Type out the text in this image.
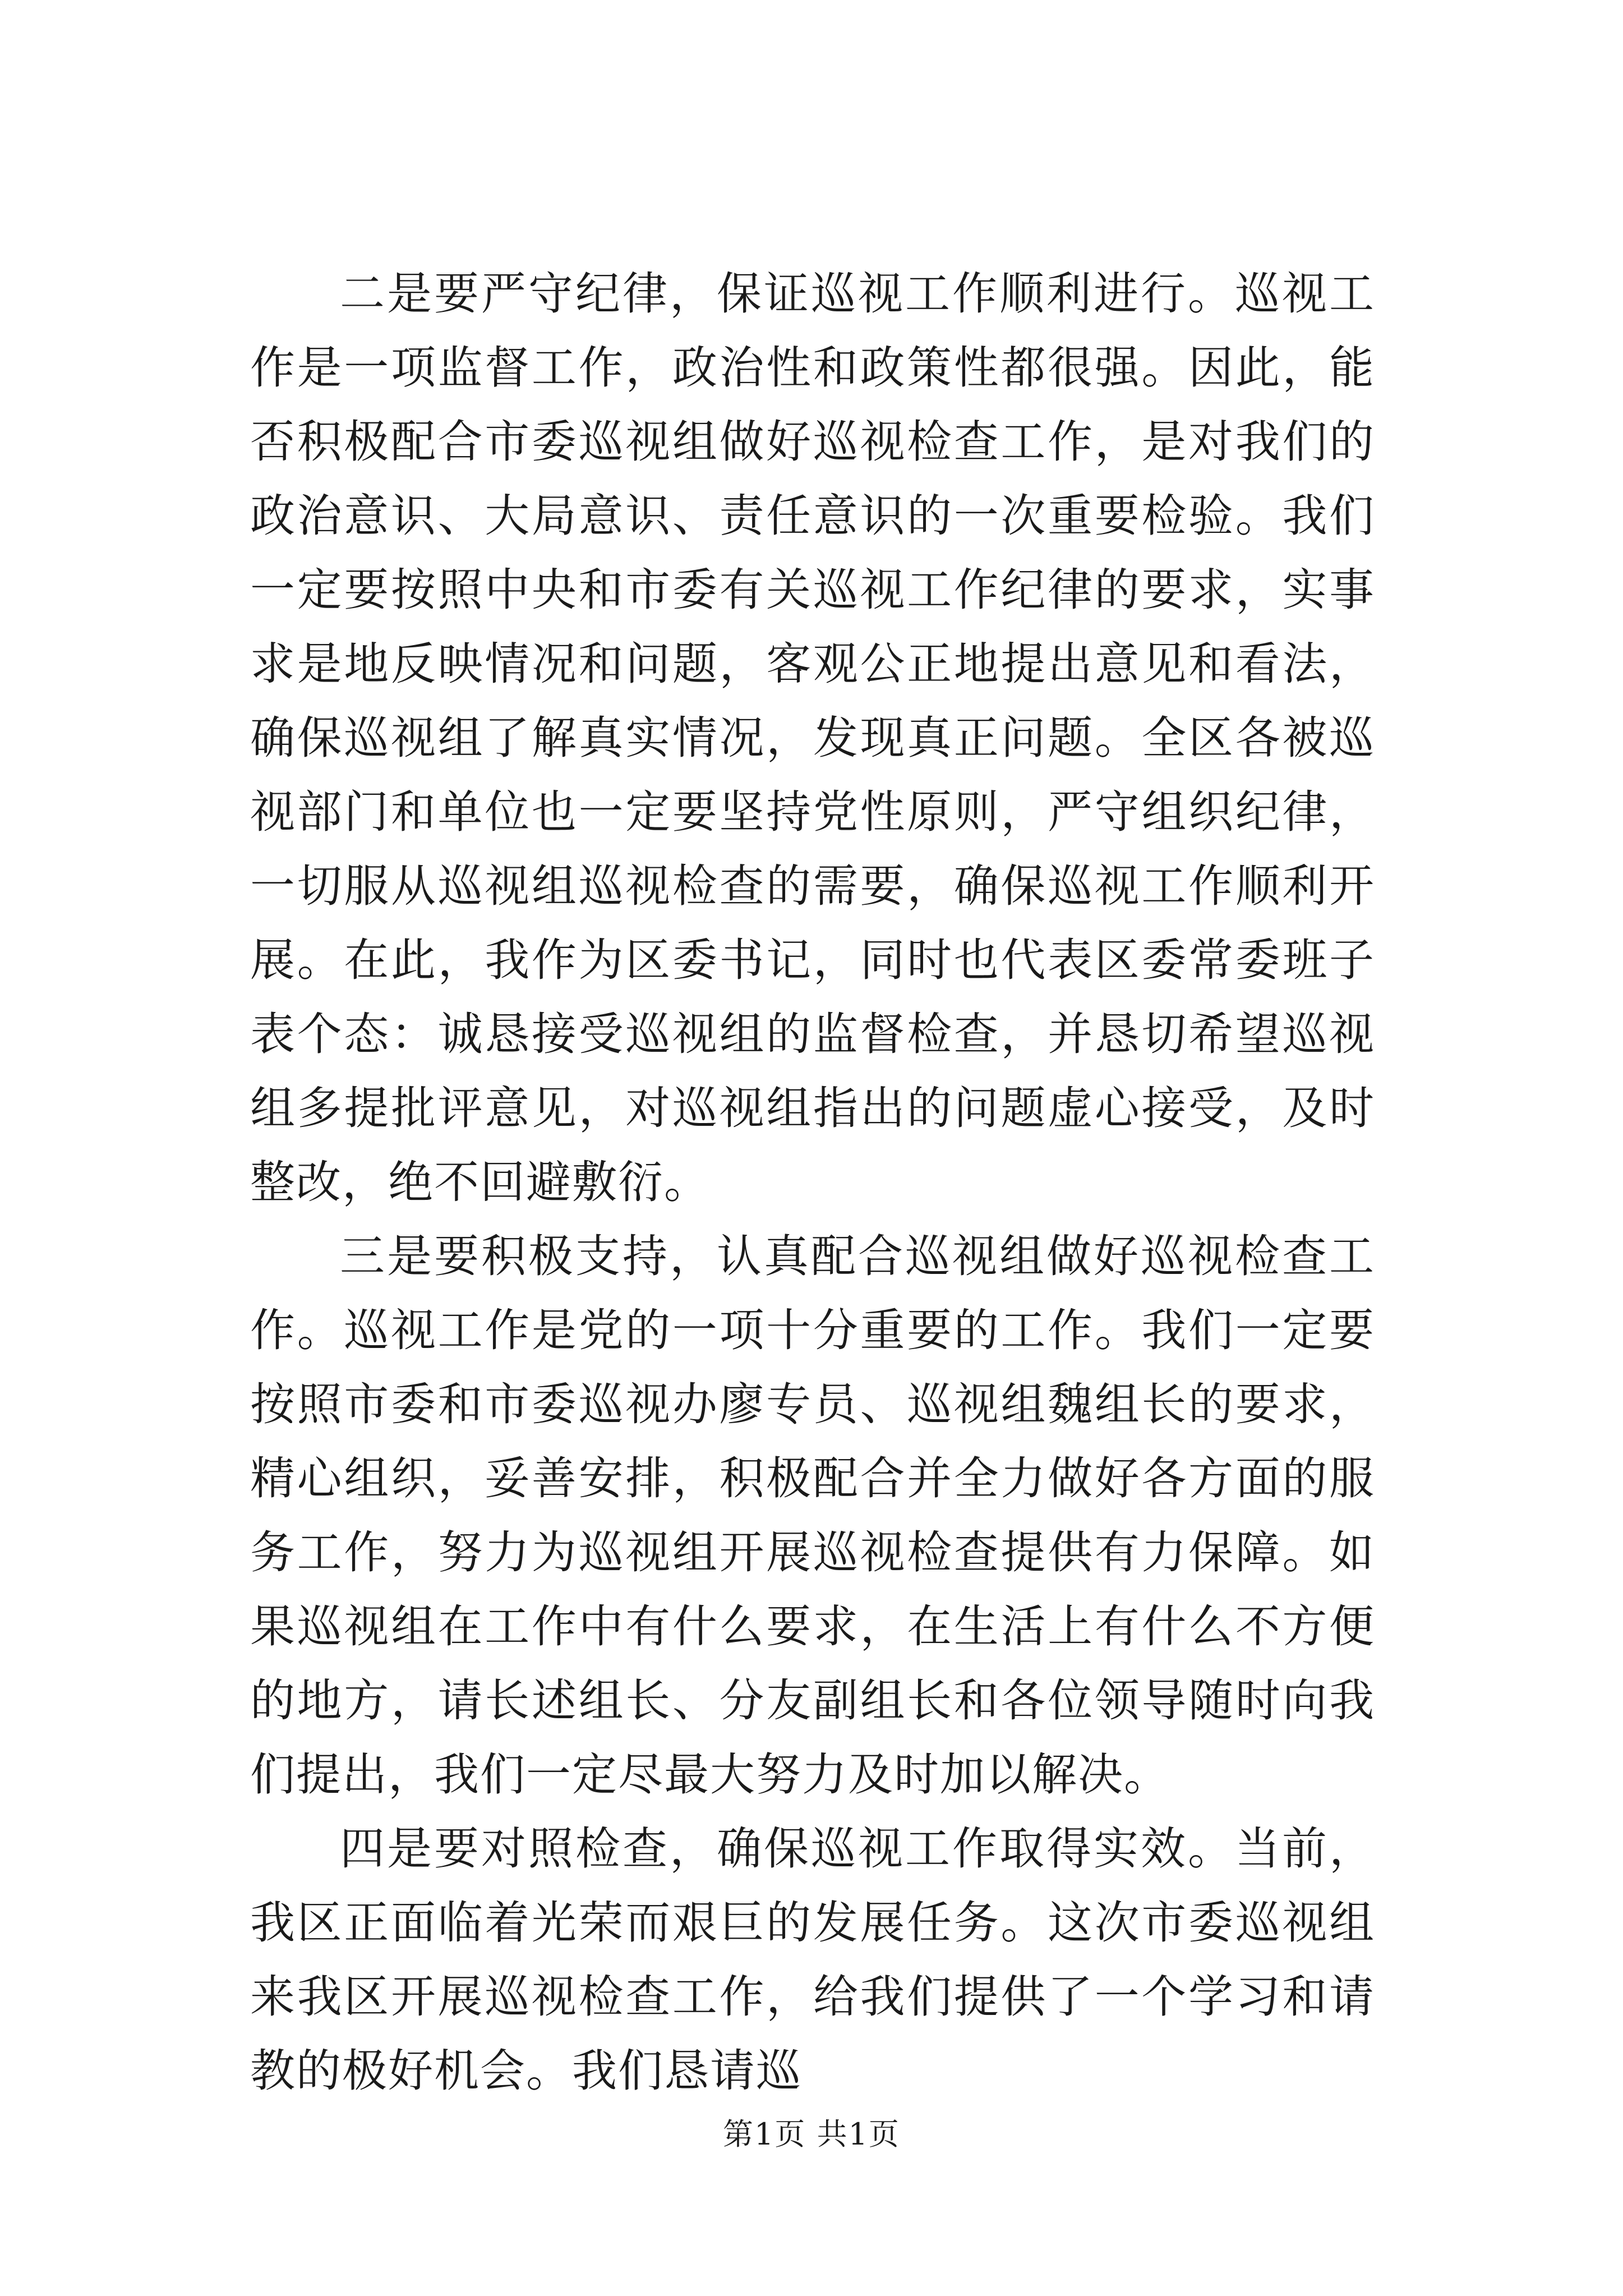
二是要严守纪律，保证巡视工作顺利进行。巡视工作是一项监督工作，政治性和政策性都很强。因此，能否积极配合市委巡视组做好巡视检查工作，是对我们的政治意识、大局意识、责任意识的一次重要检验。我们一定要按照中央和市委有关巡视工作纪律的要求，实事求是地反映情况和问题，客观公正地提出意见和看法，确保巡视组了解真实情况，发现真正问题。全区各被巡视部门和单位也一定要坚持党性原则，严守组织纪律，一切服从巡视组巡视检查的需要，确保巡视工作顺利开展。在此，我作为区委书记，同时也代表区委常委班子表个态：诚恳接受巡视组的监督检查，并恳切希望巡视组多提批评意见，对巡视组指出的问题虚心接受，及时整改，绝不回避敷衍。

三是要积极支持，认真配合巡视组做好巡视检查工作。巡视工作是党的一项十分重要的工作。我们一定要按照市委和市委巡视办廖专员、巡视组魏组长的要求，精心组织，妥善安排，积极配合并全力做好各方面的服务工作，努力为巡视组开展巡视检查提供有力保障。如果巡视组在工作中有什么要求，在生活上有什么不方便的地方，请长述组长、分友副组长和各位领导随时向我们提出，我们一定尽最大努力及时加以解决。

四是要对照检查，确保巡视工作取得实效。当前，我区正面临着光荣而艰巨的发展任务。这次市委巡视组来我区开展巡视检查工作，给我们提供了一个学习和请教的极好机会。我们恳请巡

第1页 共1页
